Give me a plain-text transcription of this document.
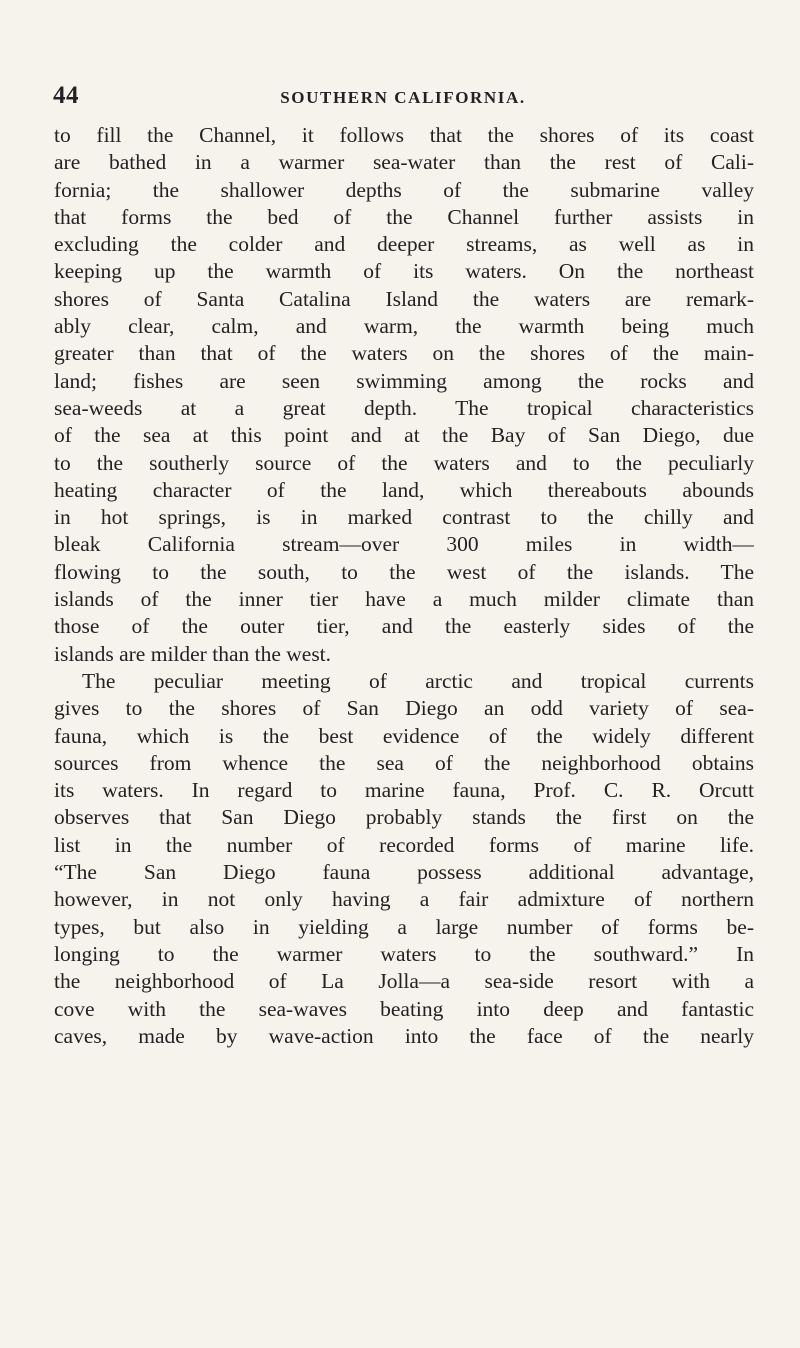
44	SOUTHERN CALIFORNIA.
to fill the Channel, it follows that the shores of its coast
are bathed in a warmer sea-water than the rest of Cali-
fornia; the shallower depths of the submarine valley
that forms the bed of the Channel further assists in
excluding the colder and deeper streams, as well as in
keeping up the warmth of its waters. On the northeast
shores of Santa Catalina Island the waters are remark-
ably clear, calm, and warm, the warmth being much
greater than that of the waters on the shores of the main-
land; fishes are seen swimming among the rocks and
sea-weeds at a great depth. The tropical characteristics
of the sea at this point and at the Bay of San Diego, due
to the southerly source of the waters and to the peculiarly
heating character of the land, which thereabouts abounds
in hot springs, is in marked contrast to the chilly and
bleak California stream—over 300 miles in width—
flowing to the south, to the west of the islands. The
islands of the inner tier have a much milder climate than
those of the outer tier, and the easterly sides of the
islands are milder than the west.
The peculiar meeting of arctic and tropical currents
gives to the shores of San Diego an odd variety of sea-
fauna, which is the best evidence of the widely different
sources from whence the sea of the neighborhood obtains
its waters. In regard to marine fauna, Prof. C. R. Orcutt
observes that San Diego probably stands the first on the
list in the number of recorded forms of marine life.
“The San Diego fauna possess additional advantage,
however, in not only having a fair admixture of northern
types, but also in yielding a large number of forms be-
longing to the warmer waters to the southward.” In
the neighborhood of La Jolla—a sea-side resort with a
cove with the sea-waves beating into deep and fantastic
caves, made by wave-action into the face of the nearly
